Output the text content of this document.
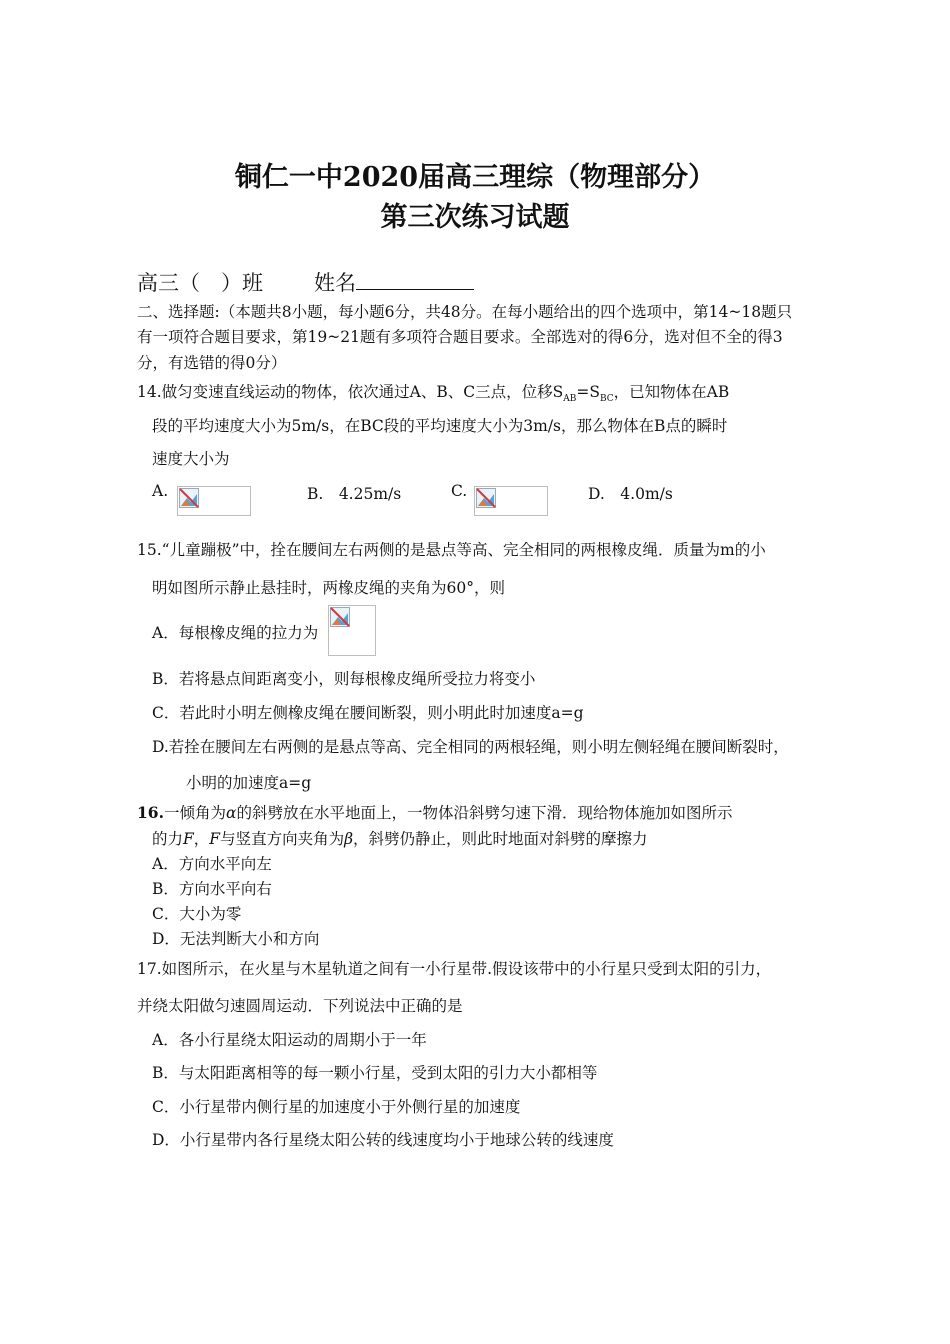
铜仁一中2020届高三理综（物理部分）
第三次练习试题
高三（　）班 姓名
二、选择题:（本题共8小题，每小题6分，共48分。在每小题给出的四个选项中，第14~18题只
有一项符合题目要求，第19~21题有多项符合题目要求。全部选对的得6分，选对但不全的得3
分，有选错的得0分）
14.做匀变速直线运动的物体，依次通过A、B、C三点，位移$S_{AB}=S_{BC}$，已知物体在AB
段的平均速度大小为5m/s，在BC段的平均速度大小为3m/s，那么物体在B点的瞬时
速度大小为
A.	B.　4.25m/s	C.	D.　4.0m/s
15.“儿童蹦极”中，拴在腰间左右两侧的是悬点等高、完全相同的两根橡皮绳．质量为m的小
明如图所示静止悬挂时，两橡皮绳的夹角为60°，则
A．每根橡皮绳的拉力为
B．若将悬点间距离变小，则每根橡皮绳所受拉力将变小
C．若此时小明左侧橡皮绳在腰间断裂，则小明此时加速度a=g
D.若拴在腰间左右两侧的是悬点等高、完全相同的两根轻绳，则小明左侧轻绳在腰间断裂时，
小明的加速度a=g
16.一倾角为α的斜劈放在水平地面上，一物体沿斜劈匀速下滑．现给物体施加如图所示
的力F，F与竖直方向夹角为β，斜劈仍静止，则此时地面对斜劈的摩擦力
A．方向水平向左
B．方向水平向右
C．大小为零
D．无法判断大小和方向
17.如图所示，在火星与木星轨道之间有一小行星带.假设该带中的小行星只受到太阳的引力，
并绕太阳做匀速圆周运动．下列说法中正确的是
A．各小行星绕太阳运动的周期小于一年
B．与太阳距离相等的每一颗小行星，受到太阳的引力大小都相等
C．小行星带内侧行星的加速度小于外侧行星的加速度
D．小行星带内各行星绕太阳公转的线速度均小于地球公转的线速度
